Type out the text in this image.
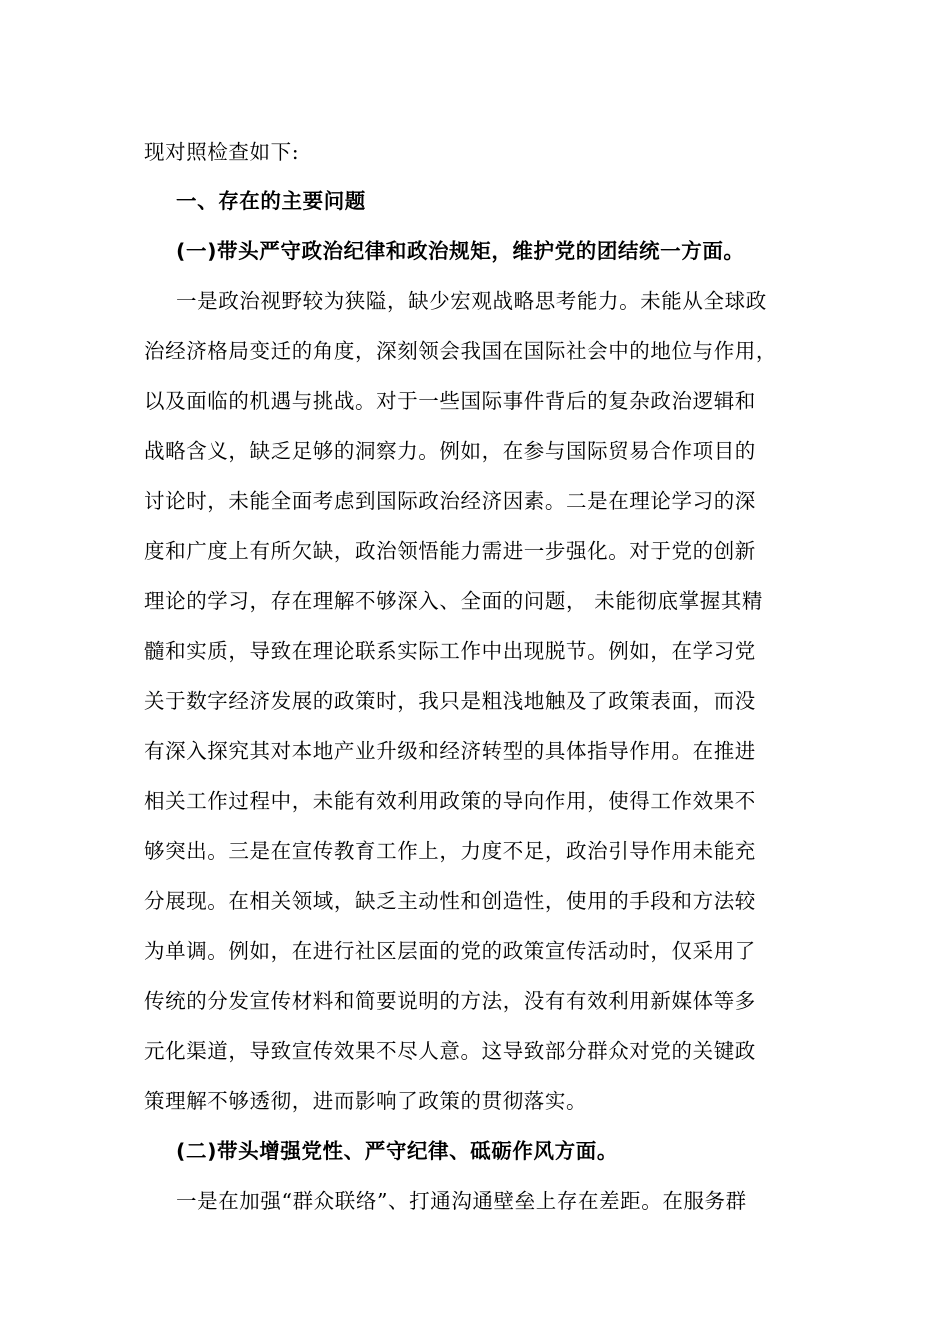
现对照检查如下:
一、存在的主要问题
(一)带头严守政治纪律和政治规矩，维护党的团结统一方面。
一是政治视野较为狭隘，缺少宏观战略思考能力。未能从全球政
治经济格局变迁的角度，深刻领会我国在国际社会中的地位与作用，
以及面临的机遇与挑战。对于一些国际事件背后的复杂政治逻辑和
战略含义，缺乏足够的洞察力。例如，在参与国际贸易合作项目的
讨论时，未能全面考虑到国际政治经济因素。二是在理论学习的深
度和广度上有所欠缺，政治领悟能力需进一步强化。对于党的创新
理论的学习，存在理解不够深入、全面的问题， 未能彻底掌握其精
髓和实质，导致在理论联系实际工作中出现脱节。例如，在学习党
关于数字经济发展的政策时，我只是粗浅地触及了政策表面，而没
有深入探究其对本地产业升级和经济转型的具体指导作用。在推进
相关工作过程中，未能有效利用政策的导向作用，使得工作效果不
够突出。三是在宣传教育工作上，力度不足，政治引导作用未能充
分展现。在相关领域，缺乏主动性和创造性，使用的手段和方法较
为单调。例如，在进行社区层面的党的政策宣传活动时，仅采用了
传统的分发宣传材料和简要说明的方法，没有有效利用新媒体等多
元化渠道，导致宣传效果不尽人意。这导致部分群众对党的关键政
策理解不够透彻，进而影响了政策的贯彻落实。
(二)带头增强党性、严守纪律、砥砺作风方面。
一是在加强“群众联络”、打通沟通壁垒上存在差距。在服务群
